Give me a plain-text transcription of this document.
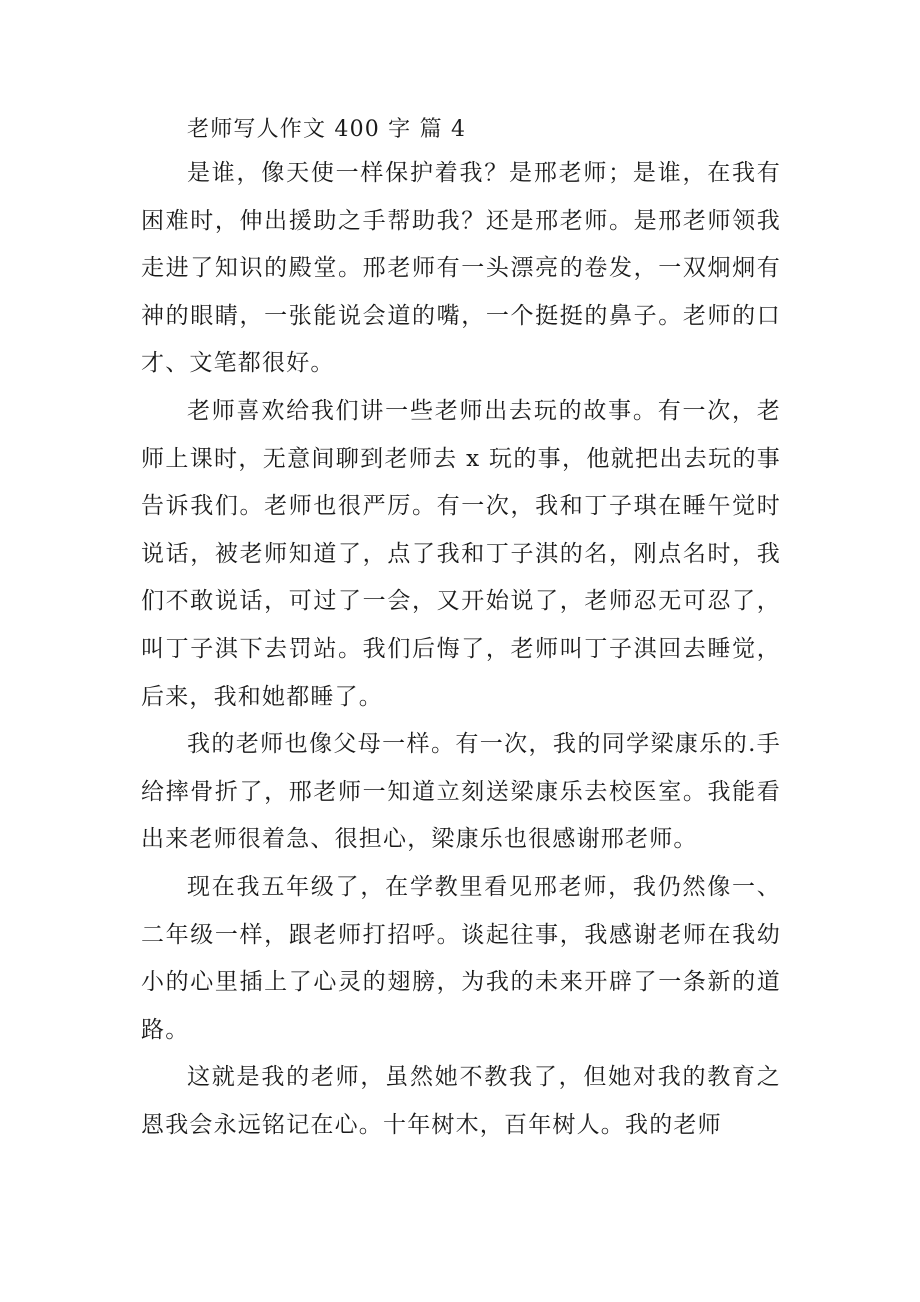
老师写人作文 400 字 篇 4

是谁，像天使一样保护着我？是邢老师；是谁，在我有困难时，伸出援助之手帮助我？还是邢老师。是邢老师领我走进了知识的殿堂。邢老师有一头漂亮的卷发，一双炯炯有神的眼睛，一张能说会道的嘴，一个挺挺的鼻子。老师的口才、文笔都很好。

老师喜欢给我们讲一些老师出去玩的故事。有一次，老师上课时，无意间聊到老师去 x 玩的事，他就把出去玩的事告诉我们。老师也很严厉。有一次，我和丁子琪在睡午觉时说话，被老师知道了，点了我和丁子淇的名，刚点名时，我们不敢说话，可过了一会，又开始说了，老师忍无可忍了，叫丁子淇下去罚站。我们后悔了，老师叫丁子淇回去睡觉，后来，我和她都睡了。

我的老师也像父母一样。有一次，我的同学梁康乐的.手给摔骨折了，邢老师一知道立刻送梁康乐去校医室。我能看出来老师很着急、很担心，梁康乐也很感谢邢老师。

现在我五年级了，在学教里看见邢老师，我仍然像一、二年级一样，跟老师打招呼。谈起往事，我感谢老师在我幼小的心里插上了心灵的翅膀，为我的未来开辟了一条新的道路。

这就是我的老师，虽然她不教我了，但她对我的教育之恩我会永远铭记在心。十年树木，百年树人。我的老师
